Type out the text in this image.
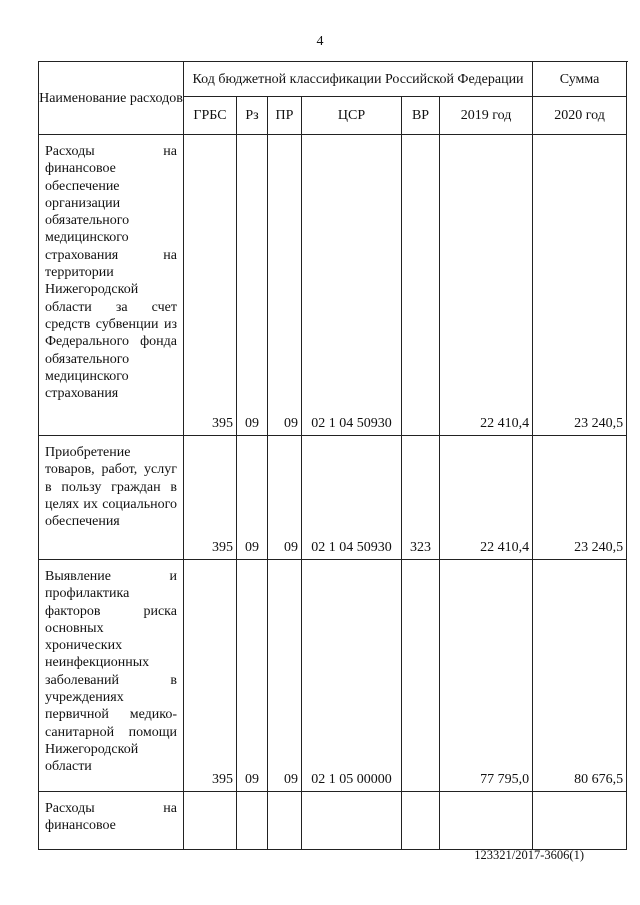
4
Наименование расходов	Код бюджетной классификации Российской Федерации						Сумма
	ГРБС	Рз	ПР	ЦСР	ВР	2019 год	2020 год

Расходы на финансовое обеспечение организации обязательного медицинского страхования на территории Нижегородской области за счет средств субвенции из Федерального фонда обязательного медицинского страхования	395	09	09	02 1 04 50930		22 410,4	23 240,5

Приобретение товаров, работ, услуг в пользу граждан в целях их социального обеспечения	395	09	09	02 1 04 50930	323	22 410,4	23 240,5

Выявление и профилактика факторов риска основных хронических неинфекционных заболеваний в учреждениях первичной медико-санитарной помощи Нижегородской области	395	09	09	02 1 05 00000		77 795,0	80 676,5

Расходы на финансовое							

123321/2017-3606(1)
